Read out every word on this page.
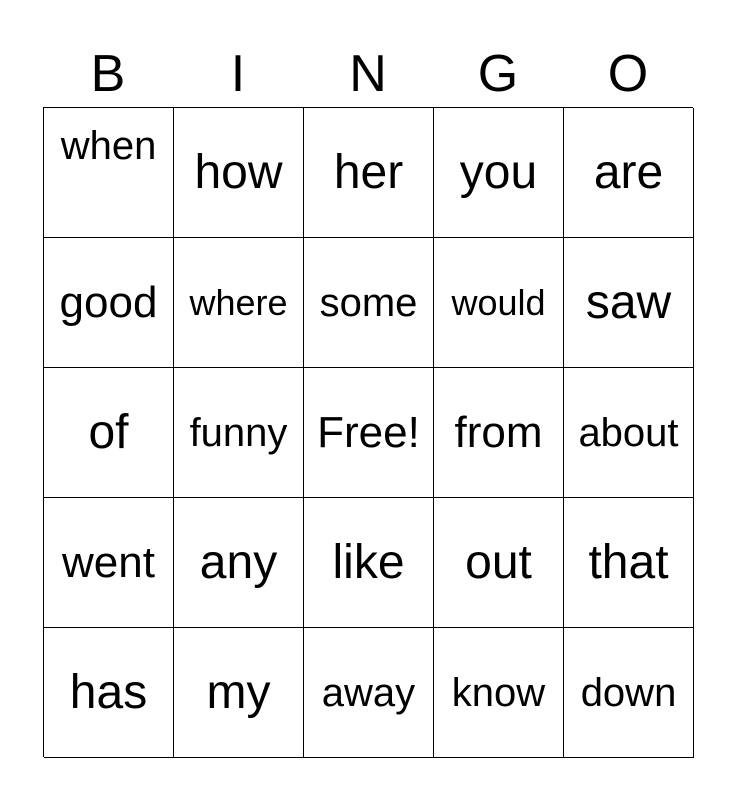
B	I	N	G	O
when how her you are
good where some would saw
of funny Free! from about
went any like out that
has my away know down
